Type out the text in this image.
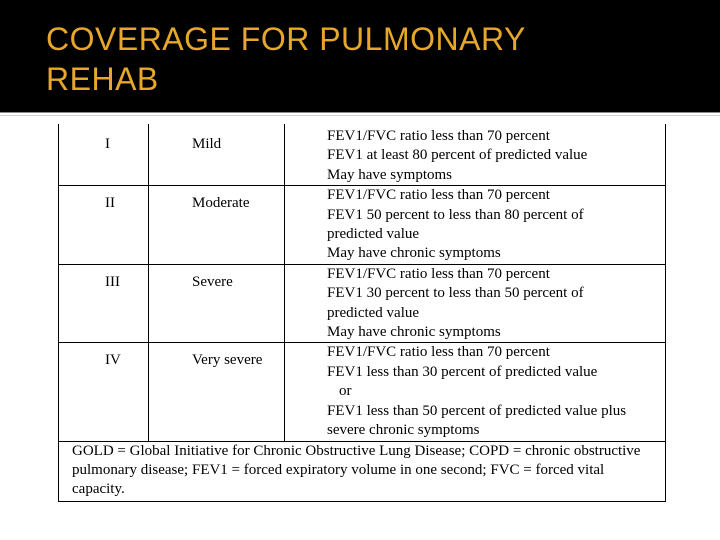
COVERAGE FOR PULMONARY
REHAB
I	Mild	FEV1/FVC ratio less than 70 percent
FEV1 at least 80 percent of predicted value
May have symptoms

II	Moderate	FEV1/FVC ratio less than 70 percent
FEV1 50 percent to less than 80 percent of
predicted value
May have chronic symptoms

III	Severe	FEV1/FVC ratio less than 70 percent
FEV1 30 percent to less than 50 percent of
predicted value
May have chronic symptoms

IV	Very severe	FEV1/FVC ratio less than 70 percent
FEV1 less than 30 percent of predicted value
or
FEV1 less than 50 percent of predicted value plus
severe chronic symptoms

GOLD = Global Initiative for Chronic Obstructive Lung Disease; COPD = chronic obstructive pulmonary disease; FEV1 = forced expiratory volume in one second; FVC = forced vital capacity.		
